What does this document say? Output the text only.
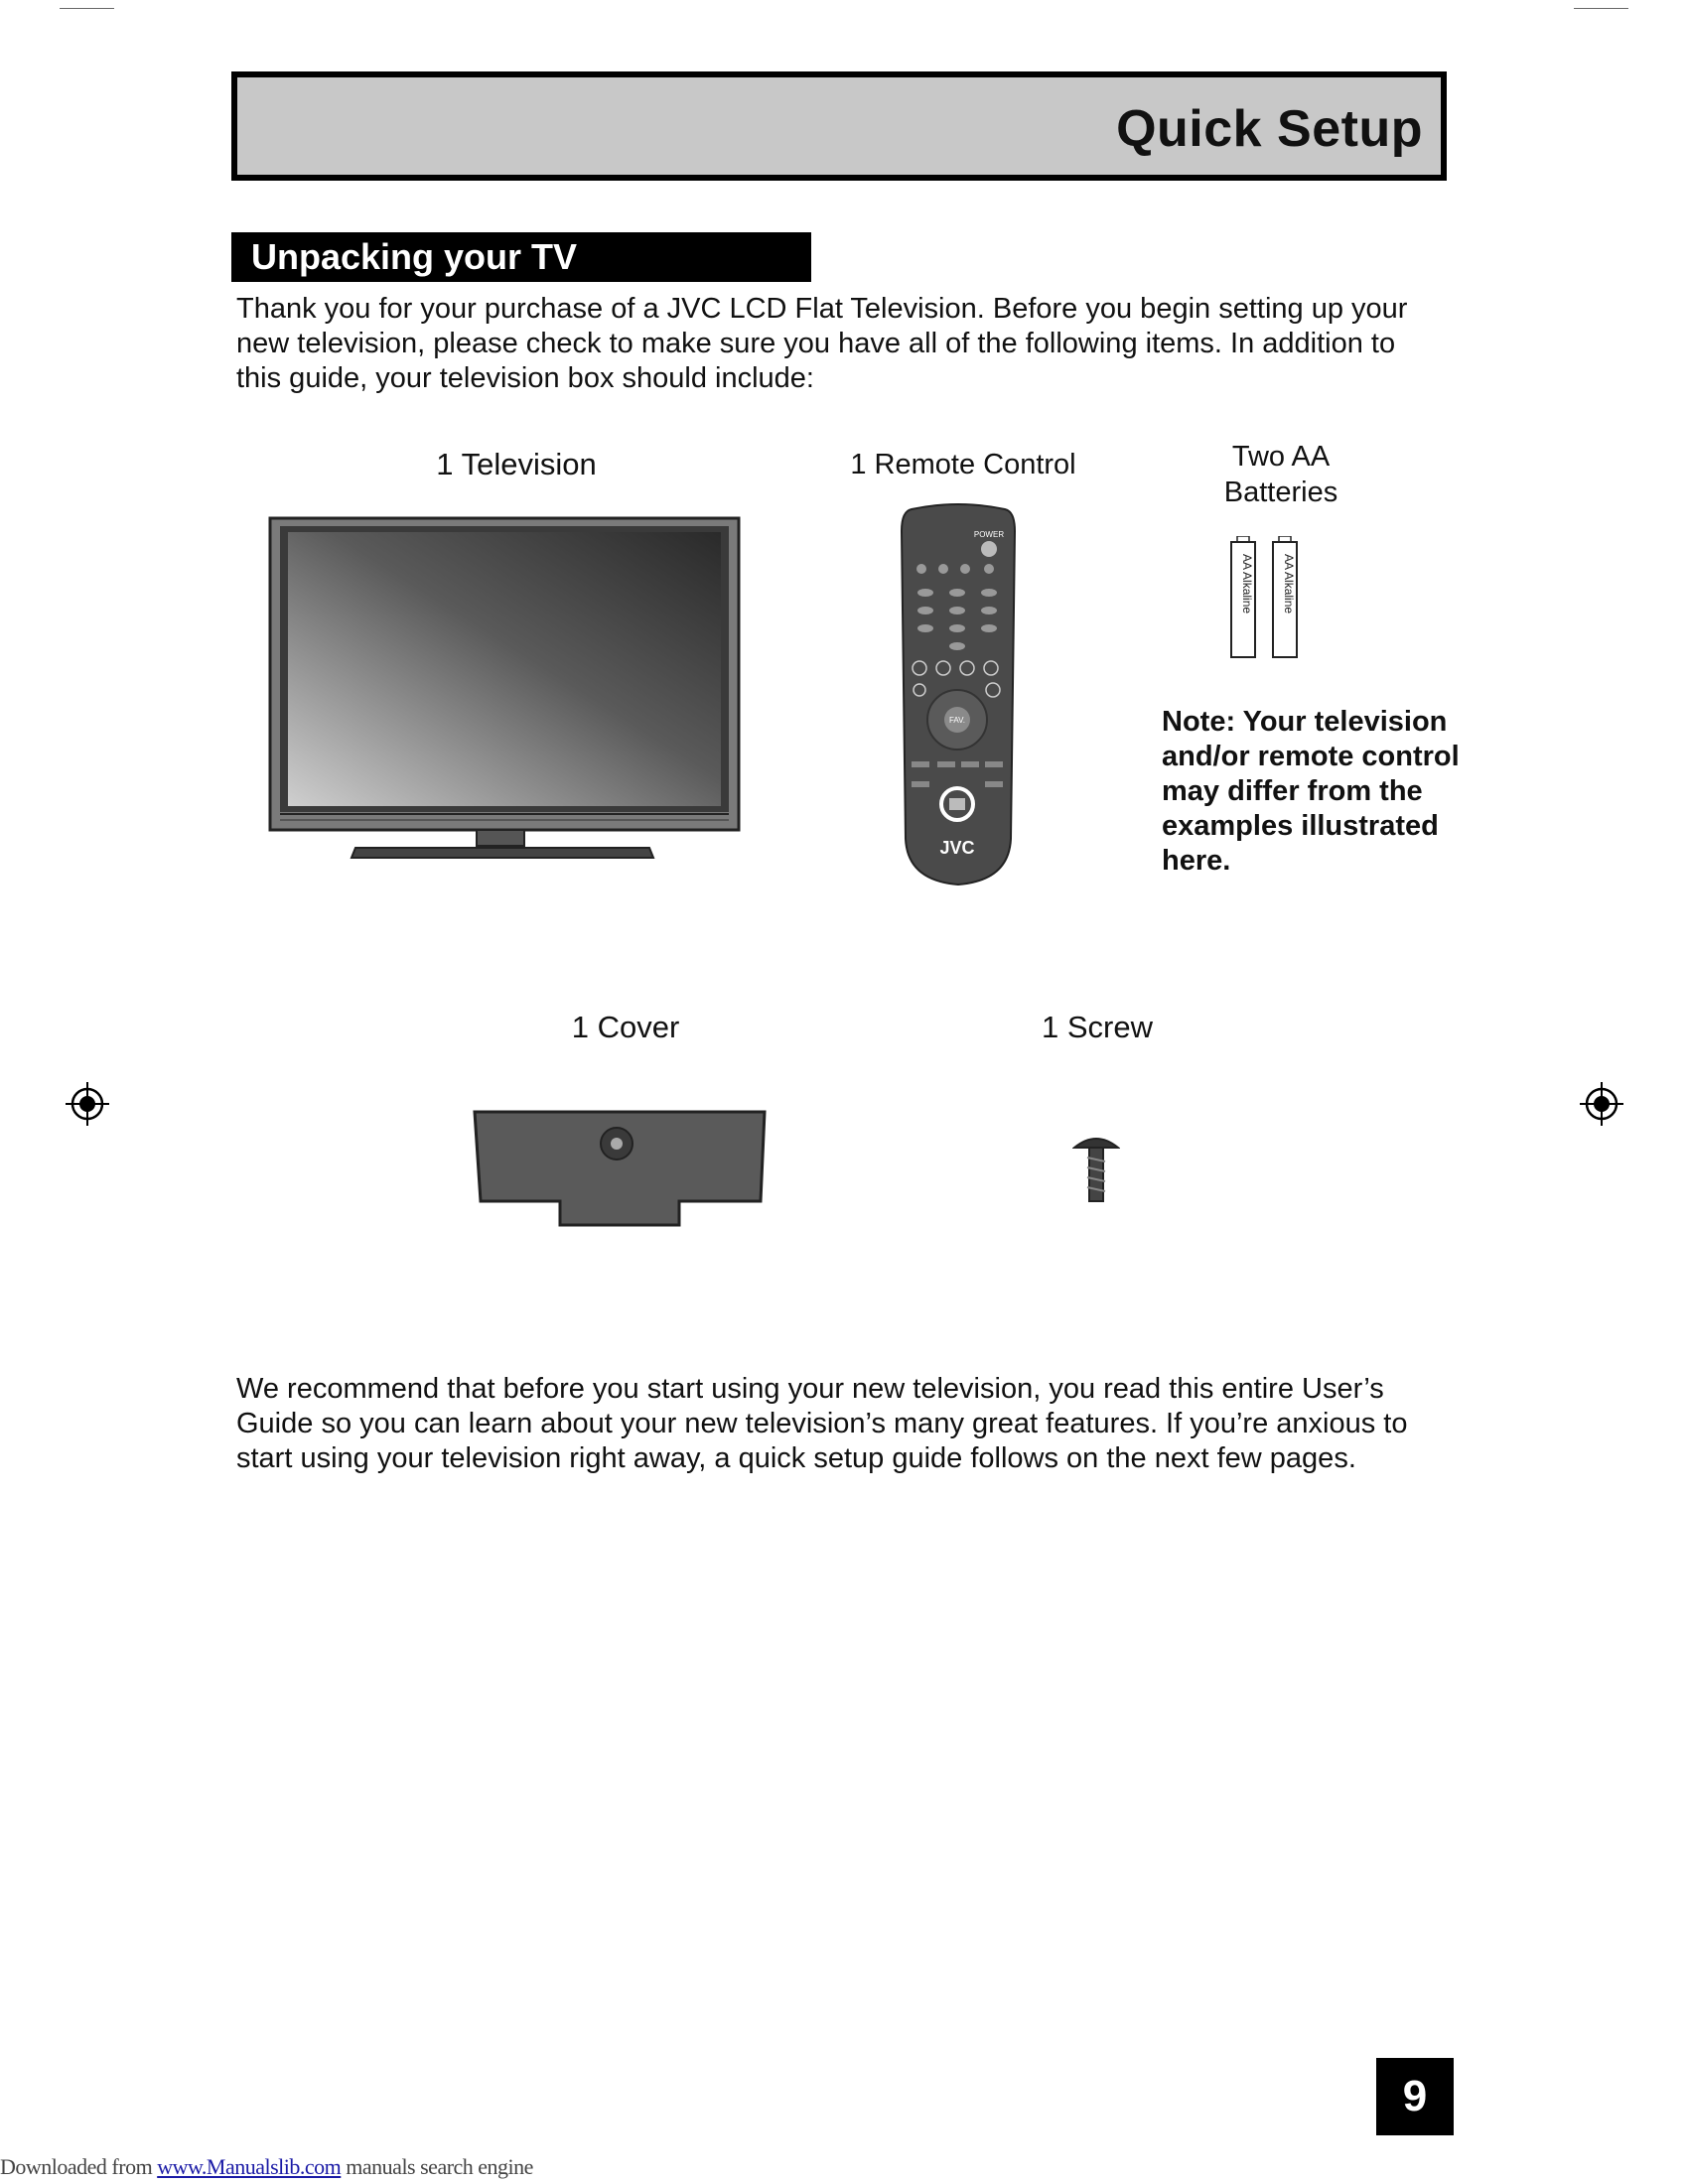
Quick Setup
Unpacking your TV

Thank you for your purchase of a JVC LCD Flat Television. Before you begin setting up your new television, please check to make sure you have all of the following items. In addition to this guide, your television box should include:

1 Television	1 Remote Control	Two AA
Batteries
POWER
FAV.
JVC
AA Alkaline AA Alkaline
Note: Your television and/or remote control may differ from the examples illustrated here.
1 Cover	1 Screw

We recommend that before you start using your new television, you read this entire User’s Guide so you can learn about your new television’s many great features. If you’re anxious to start using your television right away, a quick setup guide follows on the next few pages.

9
Downloaded from www.Manualslib.com manuals search engine
